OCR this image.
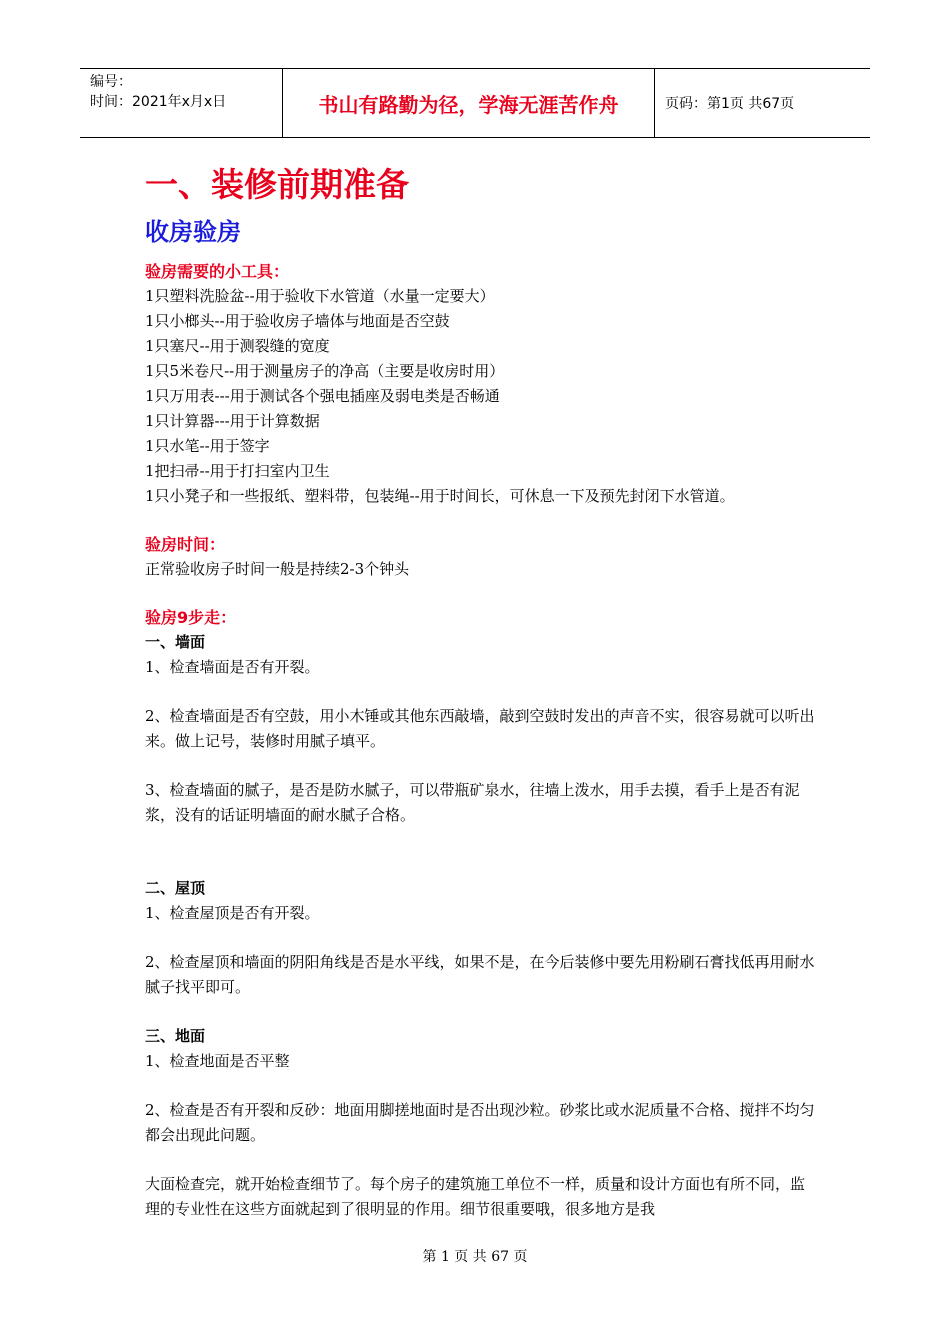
编号：
时间：2021年x月x日	书山有路勤为径，学海无涯苦作舟	页码：第1页 共67页
一、装修前期准备
收房验房
验房需要的小工具：

1只塑料洗脸盆--用于验收下水管道（水量一定要大）

1只小榔头--用于验收房子墙体与地面是否空鼓

1只塞尺--用于测裂缝的宽度

1只5米卷尺--用于测量房子的净高（主要是收房时用）

1只万用表---用于测试各个强电插座及弱电类是否畅通

1只计算器---用于计算数据

1只水笔--用于签字

1把扫帚--用于打扫室内卫生

1只小凳子和一些报纸、塑料带，包装绳--用于时间长，可休息一下及预先封闭下水管道。

验房时间：

正常验收房子时间一般是持续2-3个钟头

验房9步走：

一、墙面

1、检查墙面是否有开裂。

2、检查墙面是否有空鼓，用小木锤或其他东西敲墙，敲到空鼓时发出的声音不实，很容易就可以听出来。做上记号，装修时用腻子填平。

3、检查墙面的腻子，是否是防水腻子，可以带瓶矿泉水，往墙上泼水，用手去摸，看手上是否有泥浆，没有的话证明墙面的耐水腻子合格。

二、屋顶

1、检查屋顶是否有开裂。

2、检查屋顶和墙面的阴阳角线是否是水平线，如果不是，在今后装修中要先用粉刷石膏找低再用耐水腻子找平即可。

三、地面

1、检查地面是否平整

2、检查是否有开裂和反砂：地面用脚搓地面时是否出现沙粒。砂浆比或水泥质量不合格、搅拌不均匀都会出现此问题。

大面检查完，就开始检查细节了。每个房子的建筑施工单位不一样，质量和设计方面也有所不同，监理的专业性在这些方面就起到了很明显的作用。细节很重要哦，很多地方是我

第 1 页 共 67 页
